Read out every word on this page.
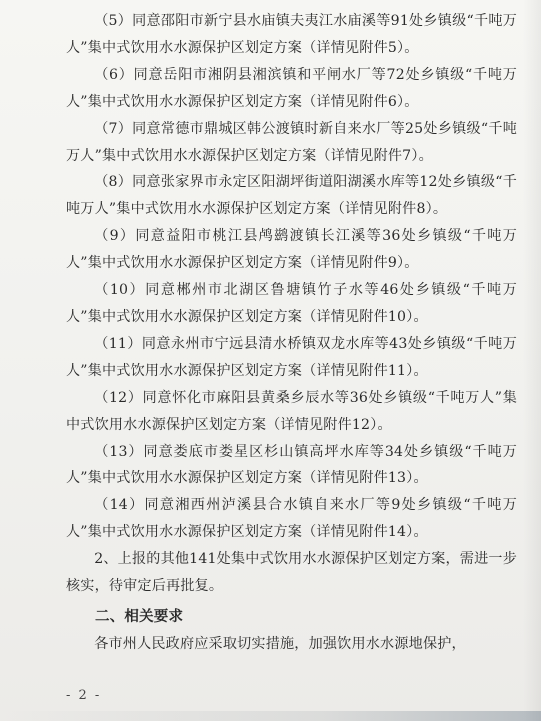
（5）同意邵阳市新宁县水庙镇夫夷江水庙溪等91处乡镇级“千吨万人”集中式饮用水水源保护区划定方案（详情见附件5）。

（6）同意岳阳市湘阴县湘滨镇和平闸水厂等72处乡镇级“千吨万人”集中式饮用水水源保护区划定方案（详情见附件6）。

（7）同意常德市鼎城区韩公渡镇时新自来水厂等25处乡镇级“千吨万人”集中式饮用水水源保护区划定方案（详情见附件7）。

（8）同意张家界市永定区阳湖坪街道阳湖溪水库等12处乡镇级“千吨万人”集中式饮用水水源保护区划定方案（详情见附件8）。

（9）同意益阳市桃江县鸬鹚渡镇长江溪等36处乡镇级“千吨万人”集中式饮用水水源保护区划定方案（详情见附件9）。

（10）同意郴州市北湖区鲁塘镇竹子水等46处乡镇级“千吨万人”集中式饮用水水源保护区划定方案（详情见附件10）。

（11）同意永州市宁远县清水桥镇双龙水库等43处乡镇级“千吨万人”集中式饮用水水源保护区划定方案（详情见附件11）。

（12）同意怀化市麻阳县黄桑乡辰水等36处乡镇级“千吨万人”集中式饮用水水源保护区划定方案（详情见附件12）。

（13）同意娄底市娄星区杉山镇高坪水库等34处乡镇级“千吨万人”集中式饮用水水源保护区划定方案（详情见附件13）。

（14）同意湘西州泸溪县合水镇自来水厂等9处乡镇级“千吨万人”集中式饮用水水源保护区划定方案（详情见附件14）。

2、上报的其他141处集中式饮用水水源保护区划定方案，需进一步核实，待审定后再批复。

二、相关要求

各市州人民政府应采取切实措施，加强饮用水水源地保护，

- 2 -
